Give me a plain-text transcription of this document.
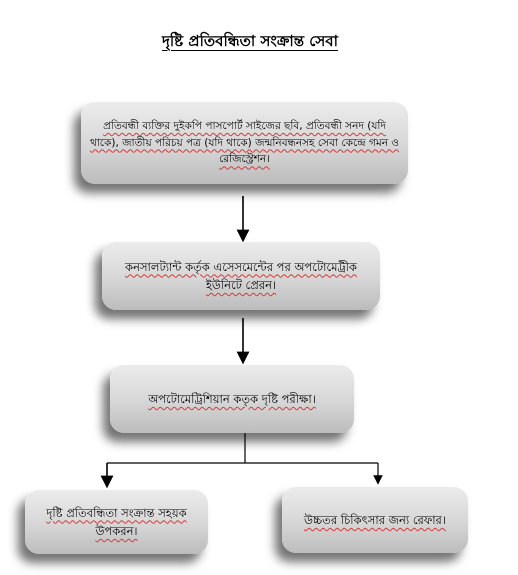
দৃষ্টি প্রতিবন্ধিতা সংক্রান্ত সেবা
প্রতিবন্ধী ব্যক্তির দুইকপি পাসপোর্ট সাইজের ছবি, প্রতিবন্ধী সনদ (যদি থাকে), জাতীয় পরিচয় পত্র (যদি থাকে) জন্মনিবন্ধনসহ সেবা কেন্দ্রে গমন ও রেজিস্ট্রেশন।
কনসালট্যান্ট কর্তৃক এসেসমেন্টের পর অপটোমেট্রীক ইউনিটে প্রেরন।
অপটোমেট্রিশিয়ান কতৃক দৃষ্টি পরীক্ষা।
দৃষ্টি প্রতিবন্ধিতা সংক্রান্ত সহয়ক উপকরন।
উচ্চতর চিকিৎসার জন্য রেফার।
